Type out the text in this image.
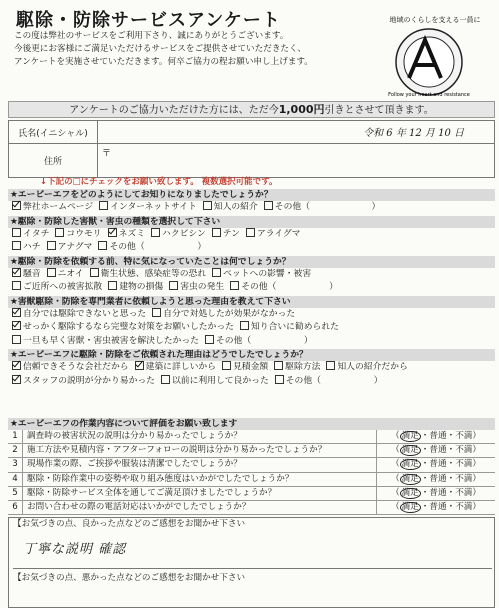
駆除・防除サービスアンケート
この度は弊社のサービスをご利用下さり、誠にありがとうございます。
今後更にお客様にご満足いただけるサービスをご提供させていただきたく、
アンケートを実施させていただきます。何卒ご協力の程お願い申し上げます。
地域のくらしを支える一員に
Follow your heart and resistance
アンケートのご協力いただけた方には、ただ今1,000円引きとさせて頂きます。
氏名(イニシャル)	令和 6 年 12 月 10 日
住所
〒
↓下記の□にチェックをお願い致します。 複数選択可能です。
★エービーエフをどのようにしてお知りになりましたでしょうか？
弊社ホームページ インターネットサイト 知人の紹介 その他（　　　　　　　）
★駆除・防除した害獣・害虫の種類を選択して下さい
イタチ コウモリ ネズミ ハクビシン テン アライグマ
ハチ アナグマ その他（　　　　　　）
★駆除・防除を依頼する前、特に気になっていたことは何でしょうか？
騒音 ニオイ 衛生状態、感染症等の恐れ ペットへの影響・被害
ご近所への被害拡散 建物の損傷 害虫の発生 その他（　　　　　　）
★害獣駆除・防除を専門業者に依頼しようと思った理由を教えて下さい
自分では駆除できないと思った 自分で対処したが効果がなかった
せっかく駆除するなら完璧な対策をお願いしたかった 知り合いに勧められた
一旦も早く害獣・害虫被害を解決したかった その他（　　　　　　）
★エービーエフに駆除・防除をご依頼された理由はどうでしたでしょうか？
信頼できそうな会社だから 建築に詳しいから 見積金額 駆除方法 知人の紹介だから
スタッフの説明が分かり易かった 以前に利用して良かった その他（　　　　　　）
★エービーエフの作業内容について評価をお願い致します
1	調査時の被害状況の説明は分かり易かったでしょうか？	（ 満足 ・普通・不満）
2	施工方法や見積内容・アフターフォローの説明は分かり易かったでしょうか？	（ 満足 ・普通・不満）
3	現場作業の際、ご挨拶や服装は清潔でしたでしょうか？	（ 満足 ・普通・不満）
4	駆除・防除作業中の姿勢や取り組み態度はいかがでしたでしょうか？	（ 満足 ・普通・不満）
5	駆除・防除サービス全体を通してご満足頂けましたでしょうか？	（ 満足 ・普通・不満）
6	お問い合わせの際の電話対応はいかがでしたでしょうか？	（ 満足 ・普通・不満）
【お気づきの点、良かった点などのご感想をお聞かせ下さい
丁寧な説明 確認
【お気づきの点、悪かった点などのご感想をお聞かせ下さい
